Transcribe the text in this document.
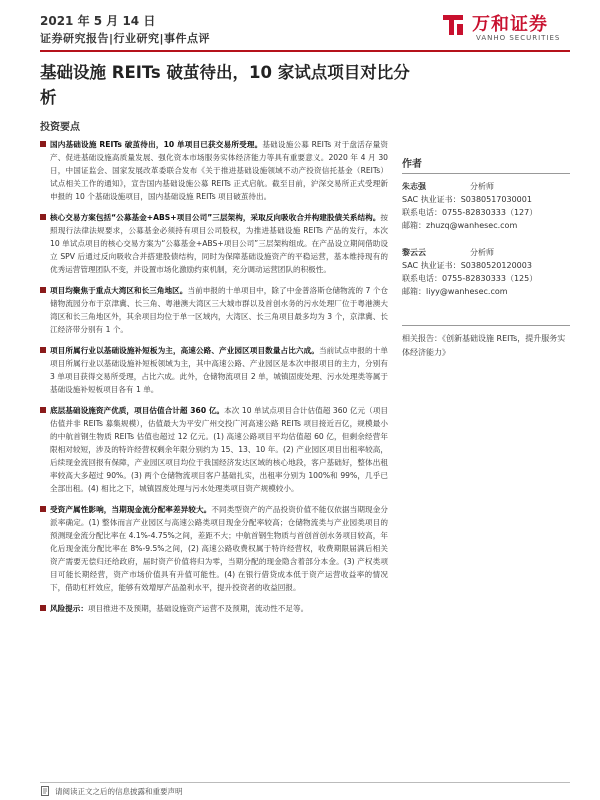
2021 年 5 月 14 日
证券研究报告|行业研究|事件点评
万和证券
VANHO SECURITIES
基础设施 REITs 破茧待出，10 家试点项目对比分析
投资要点
国内基础设施 REITs 破茧待出，10 单项目已获交易所受理。基础设施公募 REITs 对于盘活存量资产、促进基础设施高质量发展、强化资本市场服务实体经济能力等具有重要意义。2020 年 4 月 30 日，中国证监会、国家发展改革委联合发布《关于推进基础设施领域不动产投资信托基金（REITs）试点相关工作的通知》，宣告国内基础设施公募 REITs 正式启航。截至目前，沪深交易所正式受理新申报的 10 个基础设施项目，国内基础设施 REITs 项目破茧待出。
核心交易方案包括“公募基金+ABS+项目公司”三层架构，采取反向吸收合并构建股债关系结构。按照现行法律法规要求，公募基金必须持有项目公司股权，为推进基础设施 REITs 产品的发行，本次 10 单试点项目的核心交易方案为“公募基金+ABS+项目公司”三层架构组成。在产品设立期间借助设立 SPV 后通过反向吸收合并搭建股债结构，同时为保障基础设施资产的平稳运营，基本维持现有的优秀运营管理团队不变，并设置市场化激励约束机制，充分调动运营团队的积极性。
项目均聚焦于重点大湾区和长三角地区。当前申报的十单项目中，除了中金普洛斯仓储物流的 7 个仓储物流园分布于京津冀、长三角、粤港澳大湾区三大城市群以及首创水务的污水处理厂位于粤港澳大湾区和长三角地区外，其余项目均位于单一区域内，大湾区、长三角项目最多均为 3 个，京津冀、长江经济带分别有 1 个。
项目所属行业以基础设施补短板为主，高速公路、产业园区项目数量占比六成。当前试点申报的十单项目所属行业以基础设施补短板领域为主，其中高速公路、产业园区是本次申报项目的主力，分别有 3 单项目获得交易所受理，占比六成。此外，仓储物流项目 2 单，城镇固废处理、污水处理类等属于基础设施补短板项目各有 1 单。
底层基础设施资产优质，项目估值合计超 360 亿。本次 10 单试点项目合计估值超 360 亿元（项目估值并非 REITs 募集规模），估值最大为平安广州交投广河高速公路 REITs 项目接近百亿，规模最小的中航首钢生物质 REITs 估值也超过 12 亿元。(1) 高速公路项目平均估值超 60 亿，但剩余经营年限相对较短，涉及的特许经营权剩余年限分别约为 15、13、10 年。(2) 产业园区项目出租率较高，后续现金流回报有保障，产业园区项目均位于我国经济发达区域的核心地段，客户基础好，整体出租率较高大多超过 90%。(3) 两个仓储物流项目客户基础扎实，出租率分别为 100%和 99%，几乎已全部出租。(4) 相比之下，城镇固废处理与污水处理类项目资产规模较小。
受资产属性影响，当期现金流分配率差异较大。不同类型资产的产品投资价值不能仅依据当期现金分派率确定。(1) 整体而言产业园区与高速公路类项目现金分配率较高；仓储物流类与产业园类项目的预测现金流分配比率在 4.1%-4.75%之间，差距不大；中航首钢生物质与首创首创水务项目较高，年化后现金流分配比率在 8%-9.5%之间，(2) 高速公路收费权属于特许经营权，收费期限届满后相关资产需要无偿归还给政府，届时资产价值将归为零，当期分配的现金隐含着部分本金。(3) 产权类项目可能长期经营，资产市场价值具有升值可能性。(4) 在银行借贷成本低于资产运营收益率的情况下，借助杠杆效应，能够有效增厚产品盈利水平，提升投资者的收益回报。
风险提示：项目推进不及预期，基础设施资产运营不及预期，流动性不足等。
作者
朱志强	分析师
SAC 执业证书：S0380517030001
联系电话：0755-82830333（127）
邮箱：zhuzq@wanhesec.com
黎云云	分析师
SAC 执业证书：S0380520120003
联系电话：0755-82830333（125）
邮箱：liyy@wanhesec.com
相关报告：《创新基础设施 REITs，提升服务实体经济能力》
请阅读正文之后的信息披露和重要声明
